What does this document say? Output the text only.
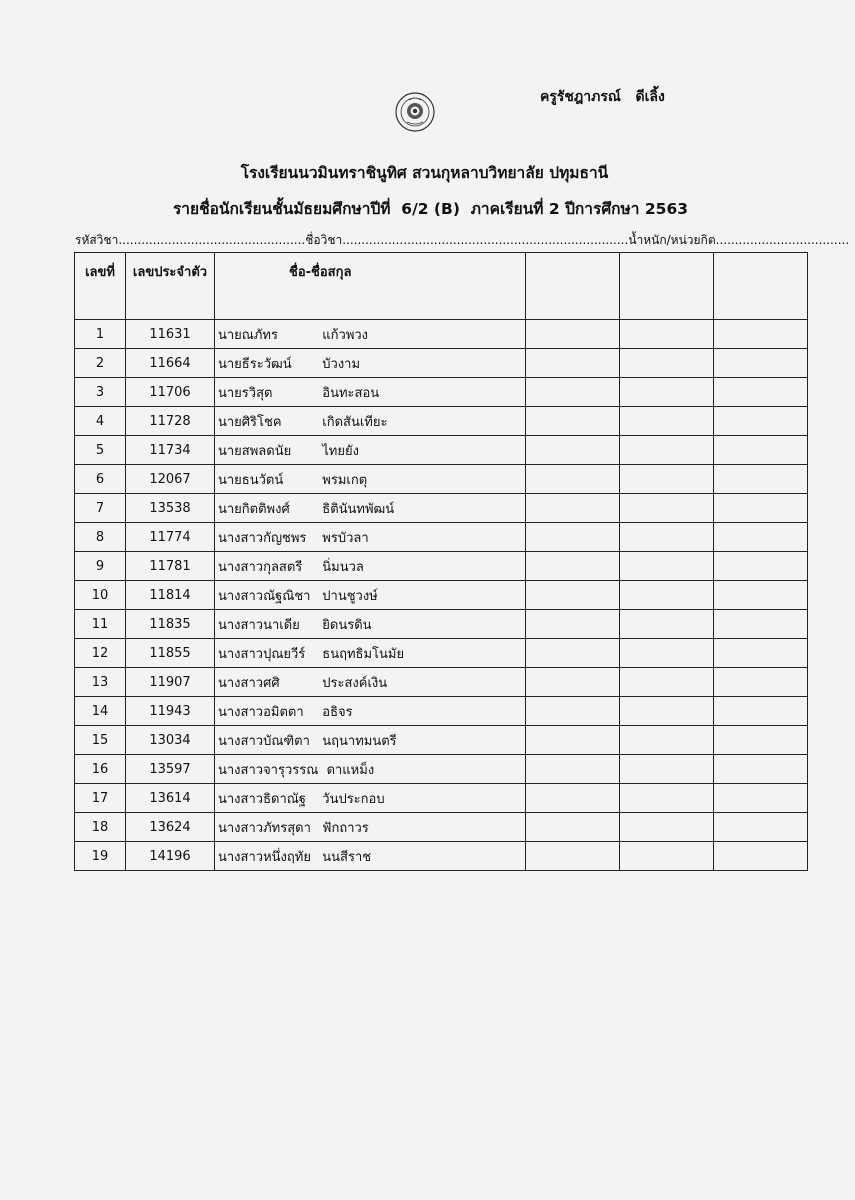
ครูรัชฎาภรณ์   ดีเลิ้ง
โรงเรียนนวมินทราชินูทิศ สวนกุหลาบวิทยาลัย ปทุมธานี
รายชื่อนักเรียนชั้นมัธยมศึกษาปีที่  6/2 (B)  ภาคเรียนที่ 2 ปีการศึกษา 2563
รหัสวิชา.................................................ชื่อวิชา...........................................................................น้ำหนัก/หน่วยกิต...................................
เลขที่	เลขประจำตัว	ชื่อ-ชื่อสกุล			
1	11631	นายณภัทร แก้วพวง			
2	11664	นายธีระวัฒน์ บัวงาม			
3	11706	นายรวิสุต อินทะสอน			
4	11728	นายศิริโชค เกิดสันเทียะ			
5	11734	นายสพลดนัย ไทยยัง			
6	12067	นายธนวัตน์ พรมเกตุ			
7	13538	นายกิตติพงศ์ ธิตินันทพัฒน์			
8	11774	นางสาวกัญชพร พรบัวลา			
9	11781	นางสาวกุลสตรี นิ่มนวล			
10	11814	นางสาวณัฐณิชา ปานชูวงษ์			
11	11835	นางสาวนาเดีย ยิดนรดิน			
12	11855	นางสาวปุณยวีร์ ธนฤทธิมโนมัย			
13	11907	นางสาวศศิ ประสงค์เงิน			
14	11943	นางสาวอมิตตา อธิจร			
15	13034	นางสาวบัณฑิตา นฤนาทมนตรี			
16	13597	นางสาวจารุวรรณ ดาแหม็ง			
17	13614	นางสาวธิดาณัฐ วันประกอบ			
18	13624	นางสาวภัทรสุดา ฟักถาวร			
19	14196	นางสาวหนึ่งฤทัย นนสีราช			
